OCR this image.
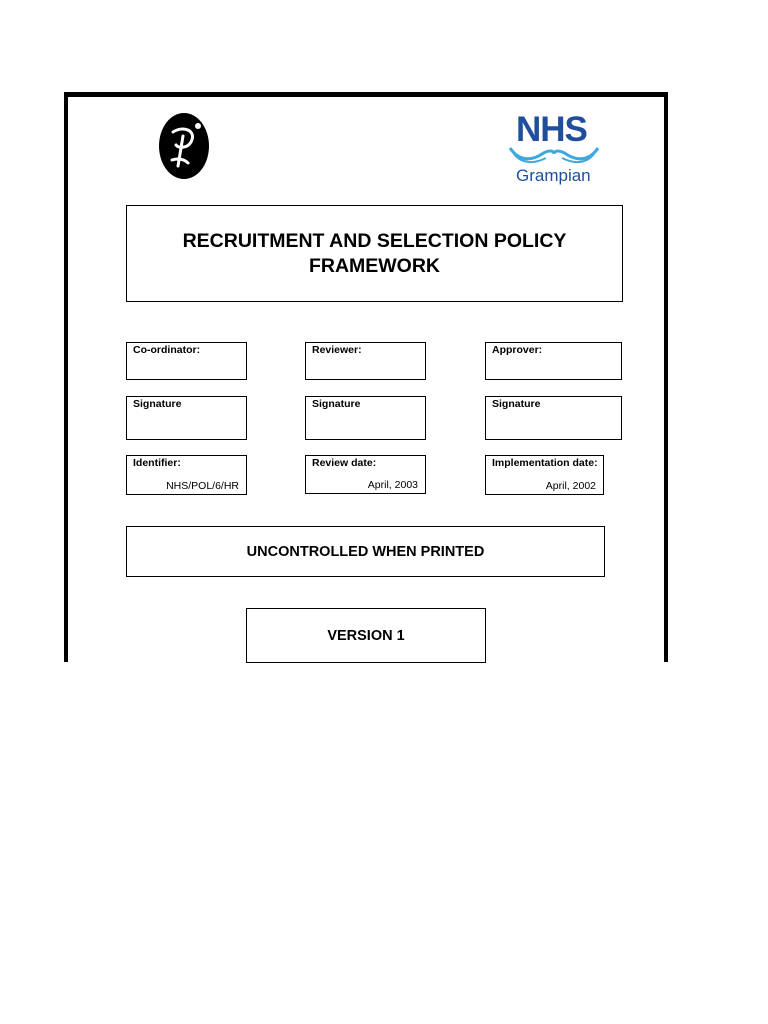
NHS
Grampian
RECRUITMENT AND SELECTION POLICY
FRAMEWORK
Co-ordinator:	Reviewer:	Approver:
Signature	Signature	Signature
Identifier:
NHS/POL/6/HR
Review date:
April, 2003
Implementation date:
April, 2002
UNCONTROLLED WHEN PRINTED
VERSION 1
